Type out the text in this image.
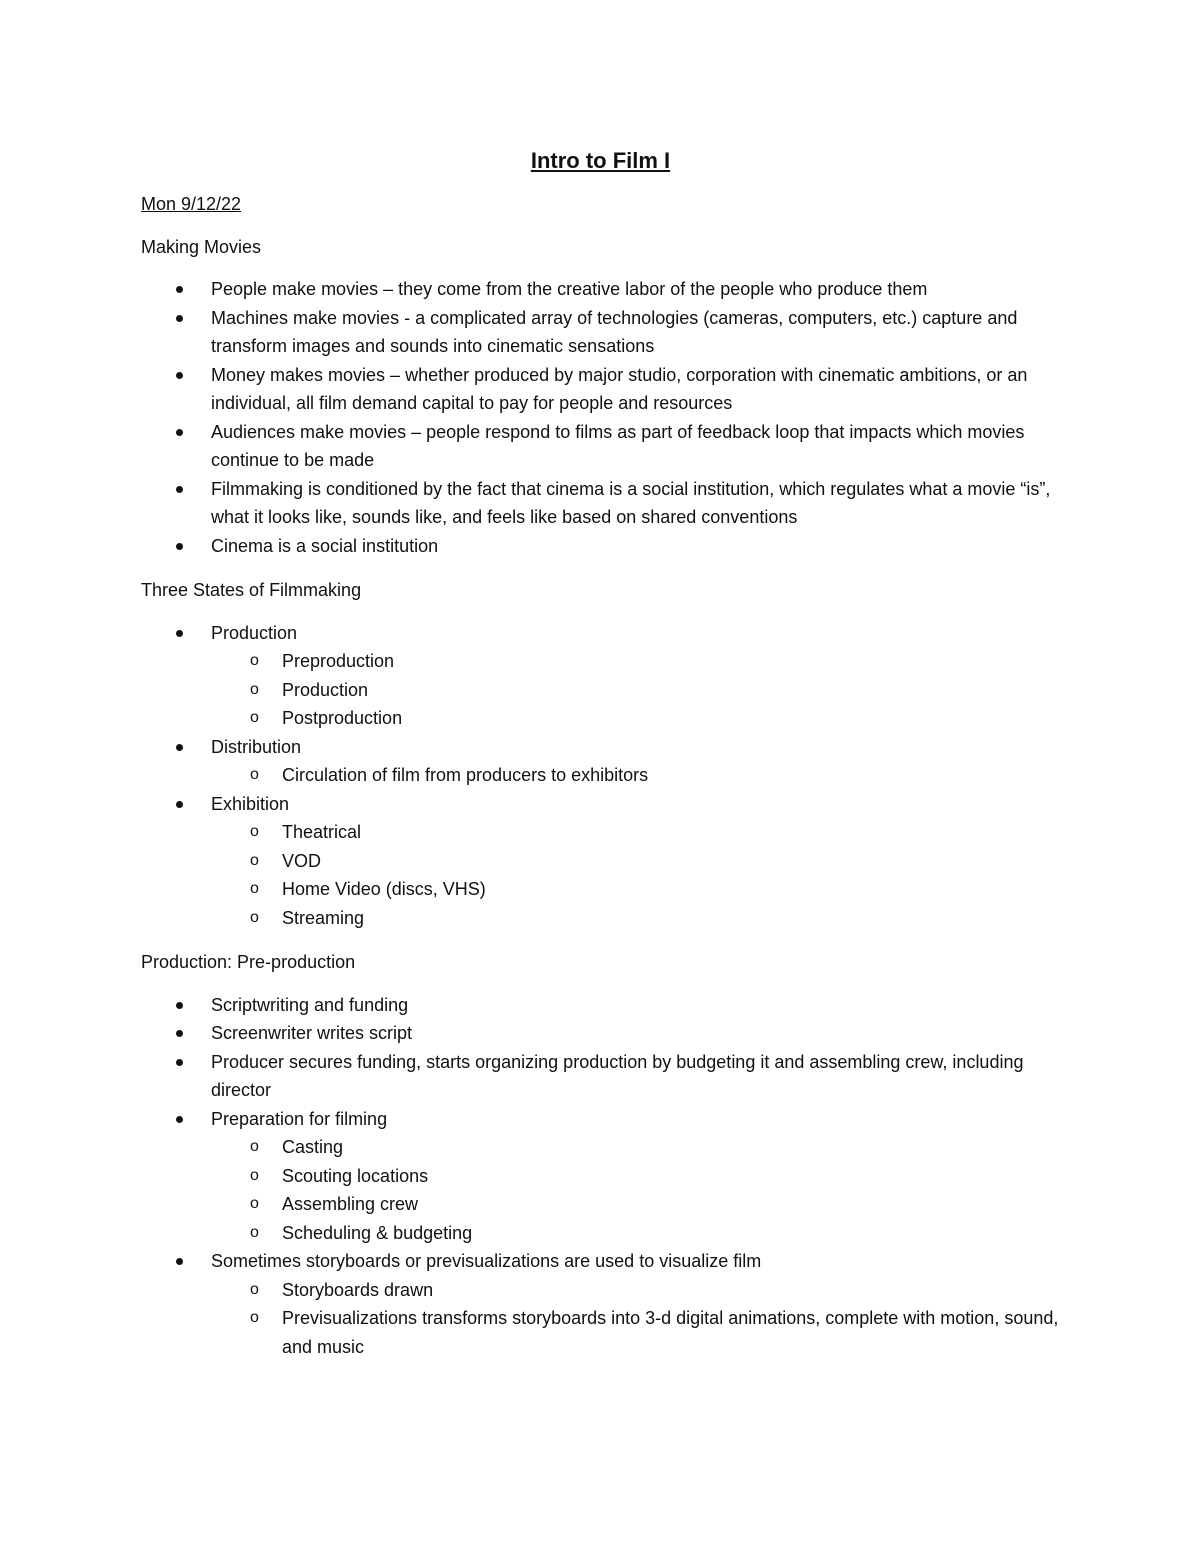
Intro to Film I
Mon 9/12/22
Making Movies
People make movies – they come from the creative labor of the people who produce them
Machines make movies - a complicated array of technologies (cameras, computers, etc.) capture and transform images and sounds into cinematic sensations
Money makes movies – whether produced by major studio, corporation with cinematic ambitions, or an individual, all film demand capital to pay for people and resources
Audiences make movies – people respond to films as part of feedback loop that impacts which movies continue to be made
Filmmaking is conditioned by the fact that cinema is a social institution, which regulates what a movie “is”, what it looks like, sounds like, and feels like based on shared conventions
Cinema is a social institution
Three States of Filmmaking
Production
o Preproduction
o Production
o Postproduction
Distribution
o Circulation of film from producers to exhibitors
Exhibition
o Theatrical
o VOD
o Home Video (discs, VHS)
o Streaming
Production: Pre-production
Scriptwriting and funding
Screenwriter writes script
Producer secures funding, starts organizing production by budgeting it and assembling crew, including director
Preparation for filming
o Casting
o Scouting locations
o Assembling crew
o Scheduling & budgeting
Sometimes storyboards or previsualizations are used to visualize film
o Storyboards drawn
o Previsualizations transforms storyboards into 3-d digital animations, complete with motion, sound, and music
